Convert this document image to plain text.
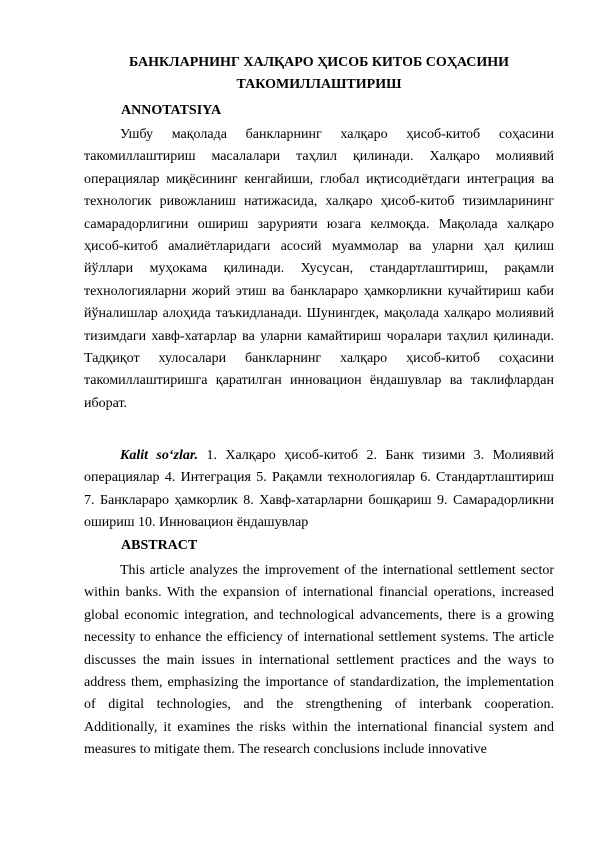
БАНКЛАРНИНГ ХАЛҚАРО ҲИСОБ КИТОБ СОҲАСИНИ
ТАКОМИЛЛАШТИРИШ
ANNOTATSIYA
Ушбу мақолада банкларнинг халқаро ҳисоб-китоб соҳасини такомиллаштириш масалалари таҳлил қилинади. Халқаро молиявий операциялар миқёсининг кенгайиши, глобал иқтисодиётдаги интеграция ва технологик ривожланиш натижасида, халқаро ҳисоб-китоб тизимларининг самарадорлигини ошириш зарурияти юзага келмоқда. Мақолада халқаро ҳисоб-китоб амалиётларидаги асосий муаммолар ва уларни ҳал қилиш йўллари муҳокама қилинади. Хусусан, стандартлаштириш, рақамли технологияларни жорий этиш ва банклараро ҳамкорликни кучайтириш каби йўналишлар алоҳида таъкидланади. Шунингдек, мақолада халқаро молиявий тизимдаги хавф-хатарлар ва уларни камайтириш чоралари таҳлил қилинади. Тадқиқот хулосалари банкларнинг халқаро ҳисоб-китоб соҳасини такомиллаштиришга қаратилган инновацион ёндашувлар ва таклифлардан иборат.
Kalit so‘zlar. 1. Халқаро ҳисоб-китоб 2. Банк тизими 3. Молиявий операциялар 4. Интеграция 5. Рақамли технологиялар 6. Стандартлаштириш 7. Банклараро ҳамкорлик 8. Хавф-хатарларни бошқариш 9. Самарадорликни ошириш 10. Инновацион ёндашувлар
ABSTRACT
This article analyzes the improvement of the international settlement sector within banks. With the expansion of international financial operations, increased global economic integration, and technological advancements, there is a growing necessity to enhance the efficiency of international settlement systems. The article discusses the main issues in international settlement practices and the ways to address them, emphasizing the importance of standardization, the implementation of digital technologies, and the strengthening of interbank cooperation. Additionally, it examines the risks within the international financial system and measures to mitigate them. The research conclusions include innovative
